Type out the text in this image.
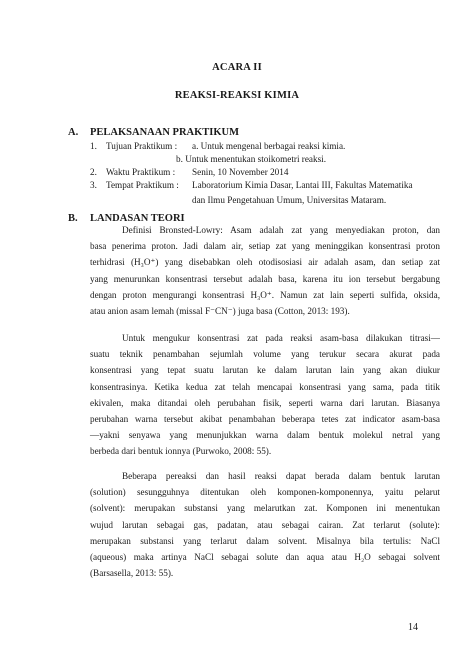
ACARA II
REAKSI-REAKSI KIMIA
A. PELAKSANAAN PRAKTIKUM
1. Tujuan Praktikum : a. Untuk mengenal berbagai reaksi kimia.
b. Untuk menentukan stoikometri reaksi.
2. Waktu Praktikum : Senin, 10 November 2014
3. Tempat Praktikum : Laboratorium Kimia Dasar, Lantai III, Fakultas Matematika
dan Ilmu Pengetahuan Umum, Universitas Mataram.
B. LANDASAN TEORI
Definisi Bronsted-Lowry: Asam adalah zat yang menyediakan proton, dan
basa penerima proton. Jadi dalam air, setiap zat yang meninggikan konsentrasi proton
terhidrasi (H₃O⁺) yang disebabkan oleh otodisosiasi air adalah asam, dan setiap zat
yang menurunkan konsentrasi tersebut adalah basa, karena itu ion tersebut bergabung
dengan proton mengurangi konsentrasi H₃O⁺. Namun zat lain seperti sulfida, oksida,
atau anion asam lemah (missal F⁻CN⁻) juga basa (Cotton, 2013: 193).
Untuk mengukur konsentrasi zat pada reaksi asam-basa dilakukan titrasi—
suatu teknik penambahan sejumlah volume yang terukur secara akurat pada
konsentrasi yang tepat suatu larutan ke dalam larutan lain yang akan diukur
konsentrasinya. Ketika kedua zat telah mencapai konsentrasi yang sama, pada titik
ekivalen, maka ditandai oleh perubahan fisik, seperti warna dari larutan. Biasanya
perubahan warna tersebut akibat penambahan beberapa tetes zat indicator asam-basa
—yakni senyawa yang menunjukkan warna dalam bentuk molekul netral yang
berbeda dari bentuk ionnya (Purwoko, 2008: 55).
Beberapa pereaksi dan hasil reaksi dapat berada dalam bentuk larutan
(solution) sesungguhnya ditentukan oleh komponen-komponennya, yaitu pelarut
(solvent): merupakan substansi yang melarutkan zat. Komponen ini menentukan
wujud larutan sebagai gas, padatan, atau sebagai cairan. Zat terlarut (solute):
merupakan substansi yang terlarut dalam solvent. Misalnya bila tertulis: NaCl
(aqueous) maka artinya NaCl sebagai solute dan aqua atau H₂O sebagai solvent
(Barsasella, 2013: 55).
14
